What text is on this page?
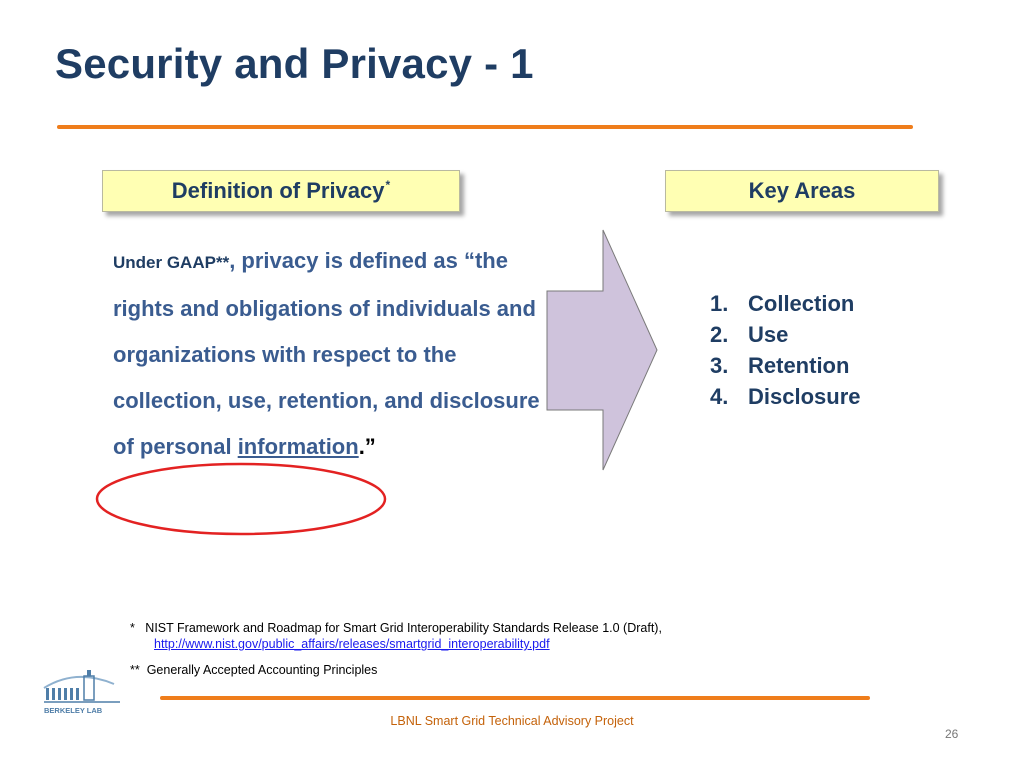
Security and Privacy - 1
Definition of Privacy*	Key Areas
Under GAAP**, privacy is defined as “the rights and obligations of individuals and organizations with respect to the collection, use, retention, and disclosure of personal information.”
1. Collection
2. Use
3. Retention
4. Disclosure
* NIST Framework and Roadmap for Smart Grid Interoperability Standards Release 1.0 (Draft),
http://www.nist.gov/public_affairs/releases/smartgrid_interoperability.pdf
** Generally Accepted Accounting Principles
BERKELEY LAB
LBNL Smart Grid Technical Advisory Project
26
